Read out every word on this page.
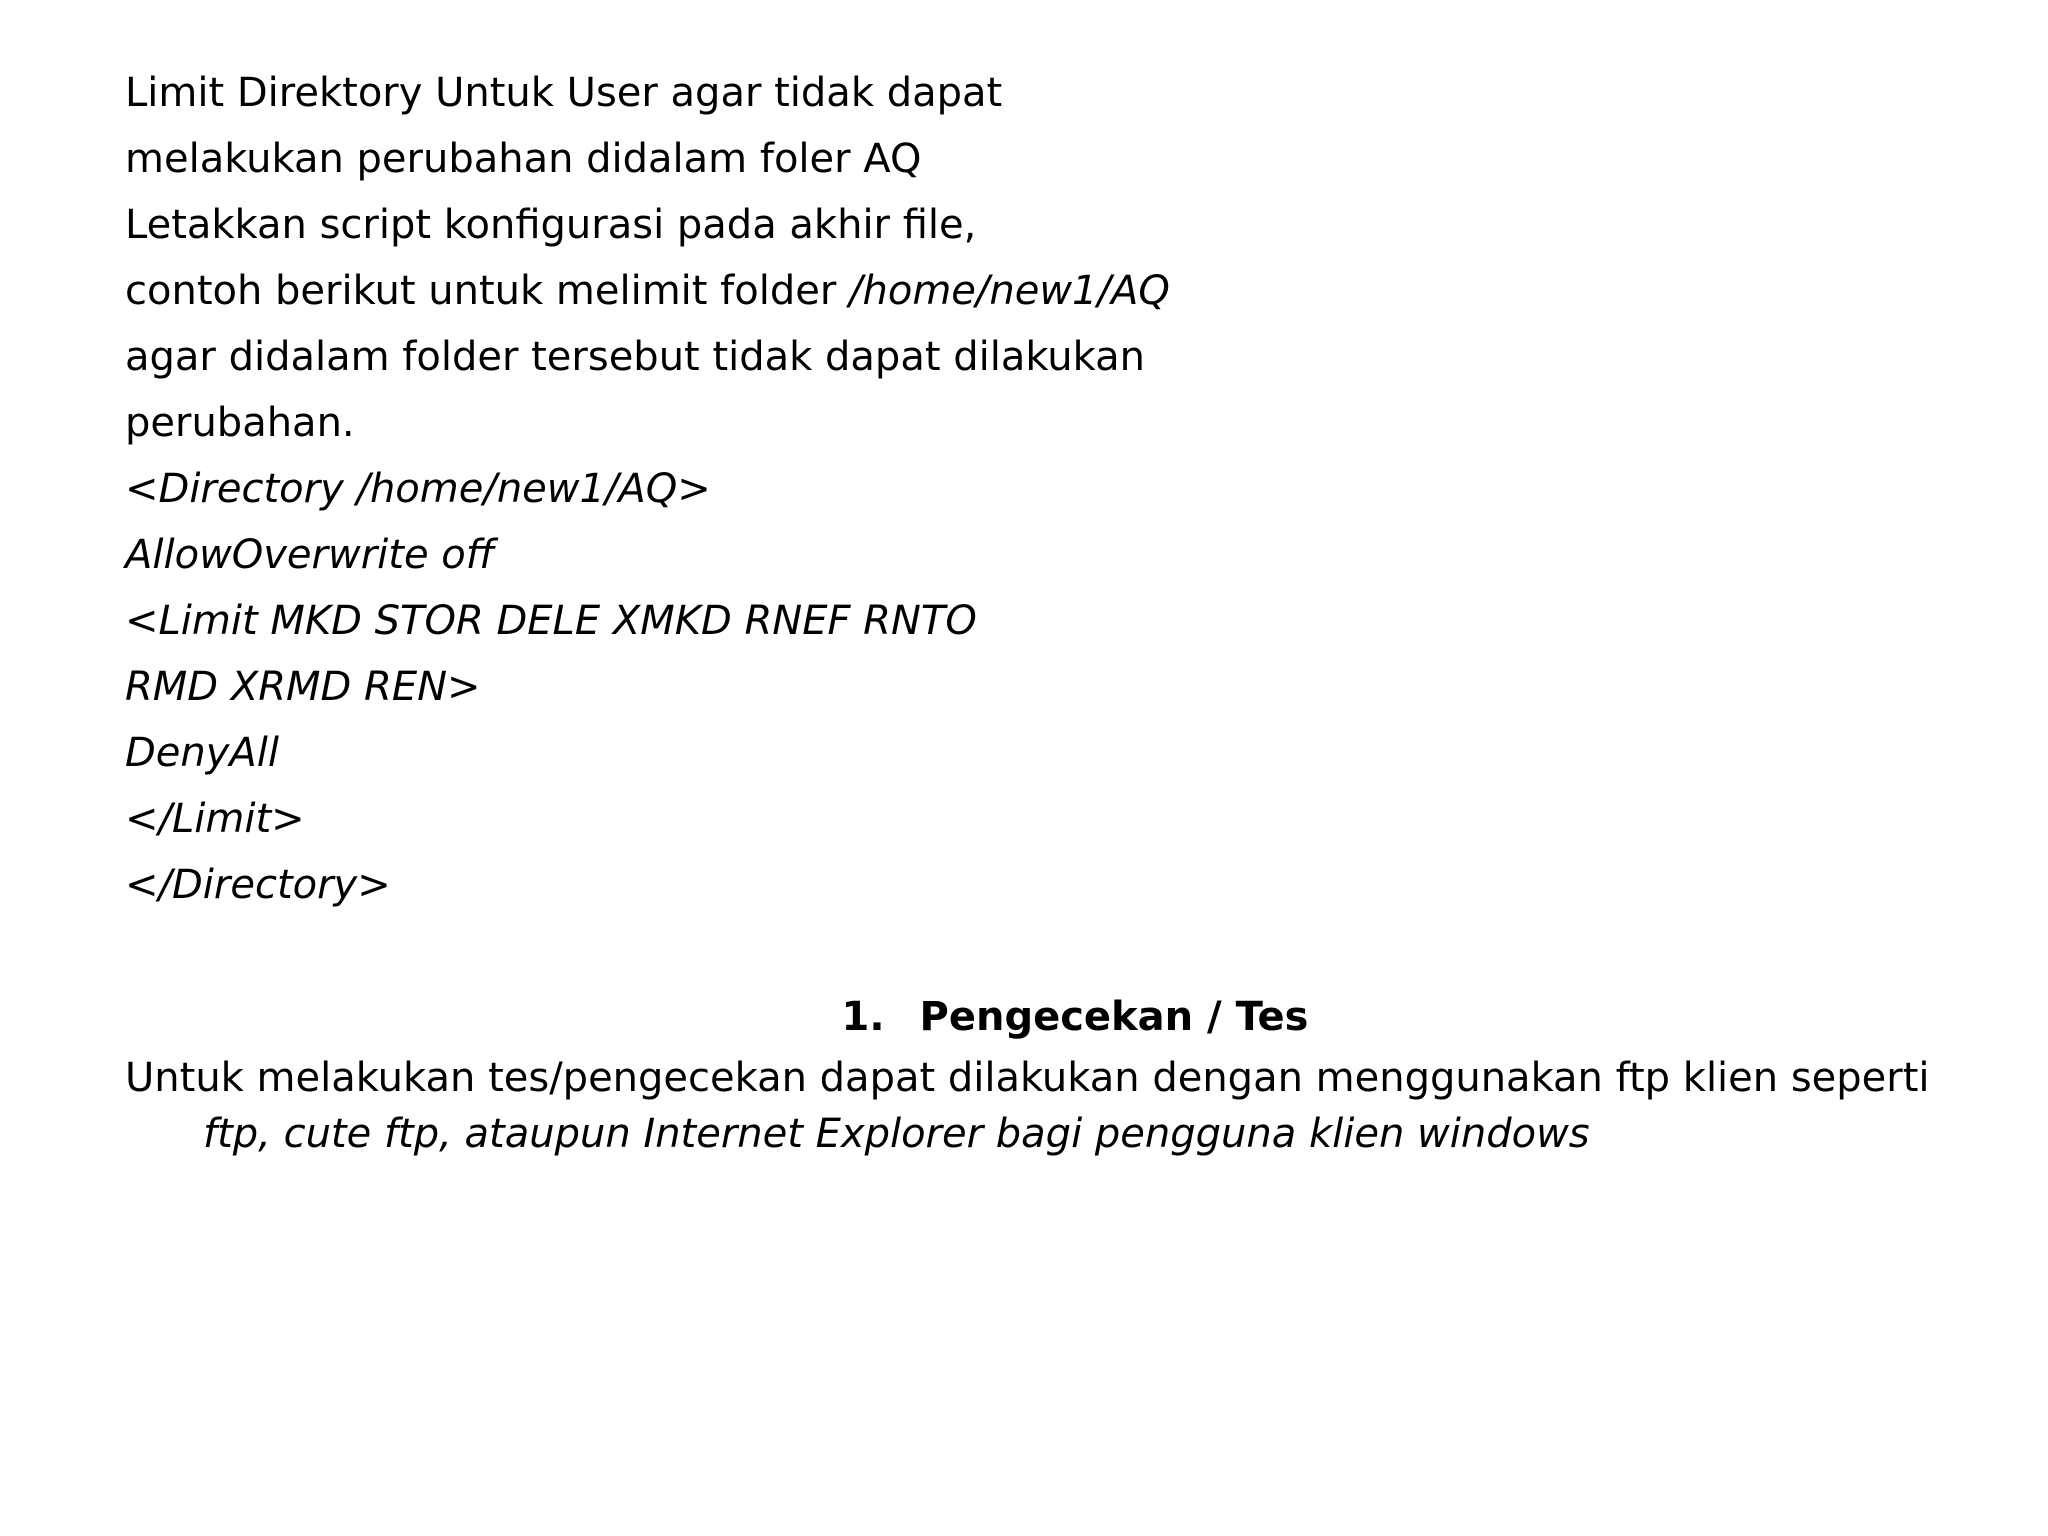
Limit Direktory Untuk User agar tidak dapat
melakukan perubahan didalam foler AQ
Letakkan script konfigurasi pada akhir file,
contoh berikut untuk melimit folder /home/new1/AQ
agar didalam folder tersebut tidak dapat dilakukan
perubahan.
<Directory /home/new1/AQ>
AllowOverwrite off
<Limit MKD STOR DELE XMKD RNEF RNTO
RMD XRMD REN>
DenyAll
</Limit>
</Directory>
1. Pengecekan / Tes
Untuk melakukan tes/pengecekan dapat dilakukan dengan menggunakan ftp klien seperti ftp, cute ftp, ataupun Internet Explorer bagi pengguna klien windows
